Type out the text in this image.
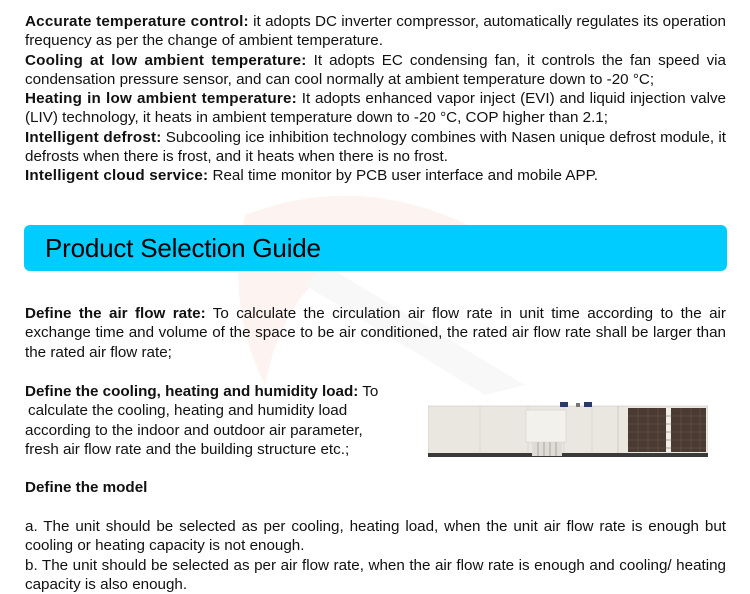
Accurate temperature control: it adopts DC inverter compressor, automatically regulates its operation frequency as per the change of ambient temperature.

Cooling at low ambient temperature: It adopts EC condensing fan, it controls the fan speed via condensation pressure sensor, and can cool normally at ambient temperature down to -20 °C;

Heating in low ambient temperature: It adopts enhanced vapor inject (EVI) and liquid injection valve (LIV) technology, it heats in ambient temperature down to -20 °C, COP higher than 2.1;

Intelligent defrost: Subcooling ice inhibition technology combines with Nasen unique defrost module, it defrosts when there is frost, and it heats when there is no frost.

Intelligent cloud service: Real time monitor by PCB user interface and mobile APP.

Product Selection Guide

Define the air flow rate: To calculate the circulation air flow rate in unit time according to the air exchange time and volume of the space to be air conditioned, the rated air flow rate shall be larger than the rated air flow rate;

Define the cooling, heating and humidity load: To

calculate the cooling, heating and humidity load

according to the indoor and outdoor air parameter,

fresh air flow rate and the building structure etc.;

Define the model

a. The unit should be selected as per cooling, heating load, when the unit air flow rate is enough but cooling or heating capacity is not enough.

b. The unit should be selected as per air flow rate, when the air flow rate is enough and cooling/ heating capacity is also enough.
